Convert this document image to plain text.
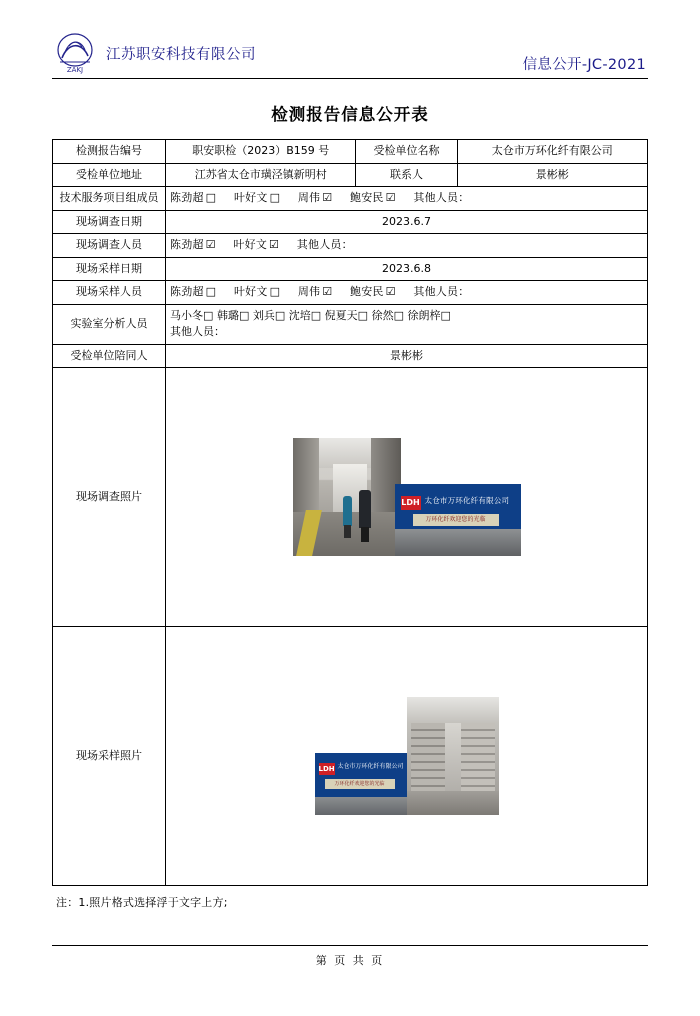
ZAKJ
江苏职安科技有限公司
信息公开-JC-2021
检测报告信息公开表
检测报告编号	职安职检（2023）B159 号	受检单位名称	太仓市万环化纤有限公司
受检单位地址	江苏省太仓市璜泾镇新明村	联系人	景彬彬
技术服务项目组成员	陈劲超 □ 叶好文 □ 周伟 ☑ 鲍安民 ☑ 其他人员：		
现场调查日期	2023.6.7		
现场调查人员	陈劲超 ☑ 叶好文 ☑ 其他人员：		
现场采样日期	2023.6.8		
现场采样人员	陈劲超 □ 叶好文 □ 周伟 ☑ 鲍安民 ☑ 其他人员：		
实验室分析人员	马小冬□ 韩璐□ 刘兵□ 沈培□ 倪夏天□ 徐然□ 徐朗梓□
其他人员：		

受检单位陪同人	景彬彬		
现场调查照片	LDH 太仓市万环化纤有限公司
万环化纤欢迎您的光临		

现场采样照片	LDH 太仓市万环化纤有限公司
万环化纤欢迎您的光临		
注：1.照片格式选择浮于文字上方;
第 页 共 页
